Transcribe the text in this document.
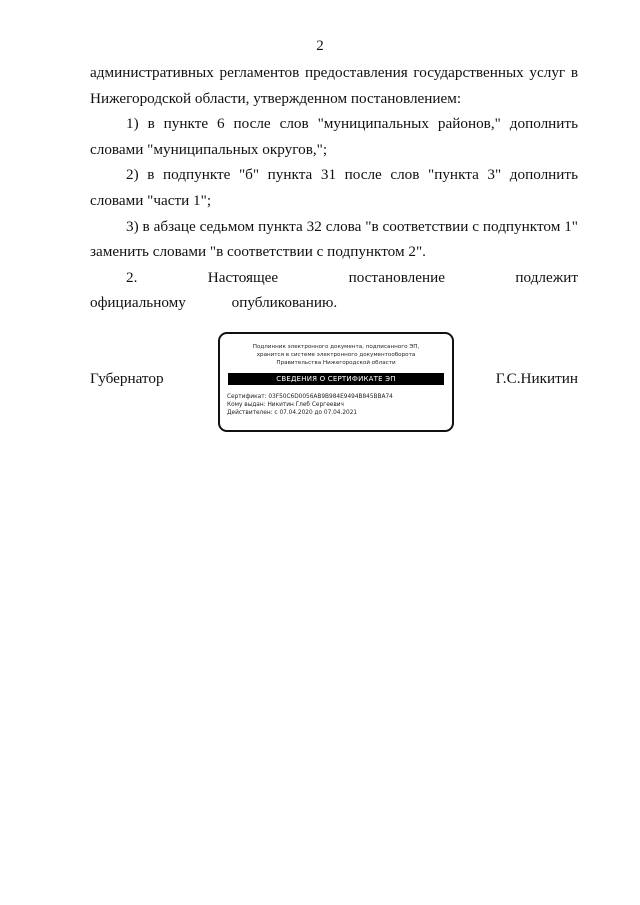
2

административных регламентов предоставления государственных услуг в Нижегородской области, утвержденном постановлением:

1) в пункте 6 после слов "муниципальных районов," дополнить словами "муниципальных округов,";

2) в подпункте "б" пункта 31 после слов "пункта 3" дополнить словами "части 1";

3) в абзаце седьмом пункта 32 слова "в соответствии с подпунктом 1" заменить словами "в соответствии с подпунктом 2".

2. Настоящее постановление подлежит официальному опубликованию.

Губернатор	Г.С.Никитин
Подлинник электронного документа, подписанного ЭП,
хранится в системе электронного документооборота
Правительства Нижегородской области
СВЕДЕНИЯ О СЕРТИФИКАТЕ ЭП
Сертификат: 03F50C6D0056AB9B984E9494B845BBA74
Кому выдан: Никитин Глеб Сергеевич
Действителен: с 07.04.2020 до 07.04.2021
